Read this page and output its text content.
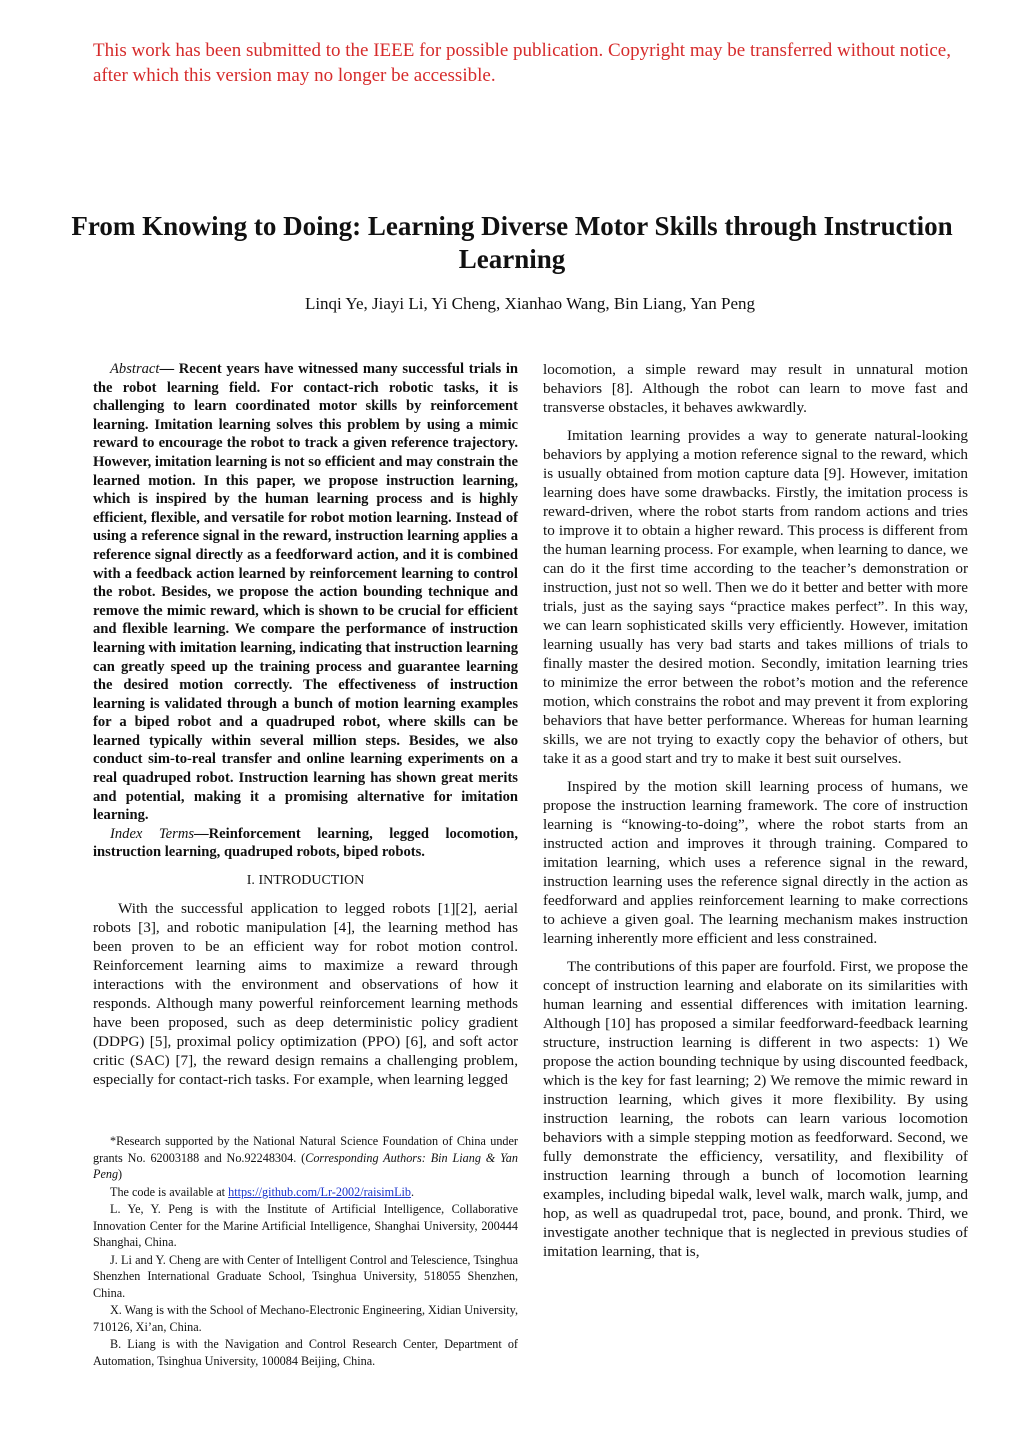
This work has been submitted to the IEEE for possible publication. Copyright may be transferred without notice, after which this version may no longer be accessible.
From Knowing to Doing: Learning Diverse Motor Skills through Instruction Learning
Linqi Ye, Jiayi Li, Yi Cheng, Xianhao Wang, Bin Liang, Yan Peng

Abstract— Recent years have witnessed many successful trials in the robot learning field. For contact-rich robotic tasks, it is challenging to learn coordinated motor skills by reinforcement learning. Imitation learning solves this problem by using a mimic reward to encourage the robot to track a given reference trajectory. However, imitation learning is not so efficient and may constrain the learned motion. In this paper, we propose instruction learning, which is inspired by the human learning process and is highly efficient, flexible, and versatile for robot motion learning. Instead of using a reference signal in the reward, instruction learning applies a reference signal directly as a feedforward action, and it is combined with a feedback action learned by reinforcement learning to control the robot. Besides, we propose the action bounding technique and remove the mimic reward, which is shown to be crucial for efficient and flexible learning. We compare the performance of instruction learning with imitation learning, indicating that instruction learning can greatly speed up the training process and guarantee learning the desired motion correctly. The effectiveness of instruction learning is validated through a bunch of motion learning examples for a biped robot and a quadruped robot, where skills can be learned typically within several million steps. Besides, we also conduct sim-to-real transfer and online learning experiments on a real quadruped robot. Instruction learning has shown great merits and potential, making it a promising alternative for imitation learning.

Index Terms—Reinforcement learning, legged locomotion, instruction learning, quadruped robots, biped robots.

I. INTRODUCTION

With the successful application to legged robots [1][2], aerial robots [3], and robotic manipulation [4], the learning method has been proven to be an efficient way for robot motion control. Reinforcement learning aims to maximize a reward through interactions with the environment and observations of how it responds. Although many powerful reinforcement learning methods have been proposed, such as deep deterministic policy gradient (DDPG) [5], proximal policy optimization (PPO) [6], and soft actor critic (SAC) [7], the reward design remains a challenging problem, especially for contact-rich tasks. For example, when learning legged

*Research supported by the National Natural Science Foundation of China under grants No. 62003188 and No.92248304. (Corresponding Authors: Bin Liang & Yan Peng)

The code is available at https://github.com/Lr-2002/raisimLib.

L. Ye, Y. Peng is with the Institute of Artificial Intelligence, Collaborative Innovation Center for the Marine Artificial Intelligence, Shanghai University, 200444 Shanghai, China.

J. Li and Y. Cheng are with Center of Intelligent Control and Telescience, Tsinghua Shenzhen International Graduate School, Tsinghua University, 518055 Shenzhen, China.

X. Wang is with the School of Mechano-Electronic Engineering, Xidian University, 710126, Xi’an, China.

B. Liang is with the Navigation and Control Research Center, Department of Automation, Tsinghua University, 100084 Beijing, China.

locomotion, a simple reward may result in unnatural motion behaviors [8]. Although the robot can learn to move fast and transverse obstacles, it behaves awkwardly.

Imitation learning provides a way to generate natural-looking behaviors by applying a motion reference signal to the reward, which is usually obtained from motion capture data [9]. However, imitation learning does have some drawbacks. Firstly, the imitation process is reward-driven, where the robot starts from random actions and tries to improve it to obtain a higher reward. This process is different from the human learning process. For example, when learning to dance, we can do it the first time according to the teacher’s demonstration or instruction, just not so well. Then we do it better and better with more trials, just as the saying says “practice makes perfect”. In this way, we can learn sophisticated skills very efficiently. However, imitation learning usually has very bad starts and takes millions of trials to finally master the desired motion. Secondly, imitation learning tries to minimize the error between the robot’s motion and the reference motion, which constrains the robot and may prevent it from exploring behaviors that have better performance. Whereas for human learning skills, we are not trying to exactly copy the behavior of others, but take it as a good start and try to make it best suit ourselves.

Inspired by the motion skill learning process of humans, we propose the instruction learning framework. The core of instruction learning is “knowing-to-doing”, where the robot starts from an instructed action and improves it through training. Compared to imitation learning, which uses a reference signal in the reward, instruction learning uses the reference signal directly in the action as feedforward and applies reinforcement learning to make corrections to achieve a given goal. The learning mechanism makes instruction learning inherently more efficient and less constrained.

The contributions of this paper are fourfold. First, we propose the concept of instruction learning and elaborate on its similarities with human learning and essential differences with imitation learning. Although [10] has proposed a similar feedforward-feedback learning structure, instruction learning is different in two aspects: 1) We propose the action bounding technique by using discounted feedback, which is the key for fast learning; 2) We remove the mimic reward in instruction learning, which gives it more flexibility. By using instruction learning, the robots can learn various locomotion behaviors with a simple stepping motion as feedforward. Second, we fully demonstrate the efficiency, versatility, and flexibility of instruction learning through a bunch of locomotion learning examples, including bipedal walk, level walk, march walk, jump, and hop, as well as quadrupedal trot, pace, bound, and pronk. Third, we investigate another technique that is neglected in previous studies of imitation learning, that is,
